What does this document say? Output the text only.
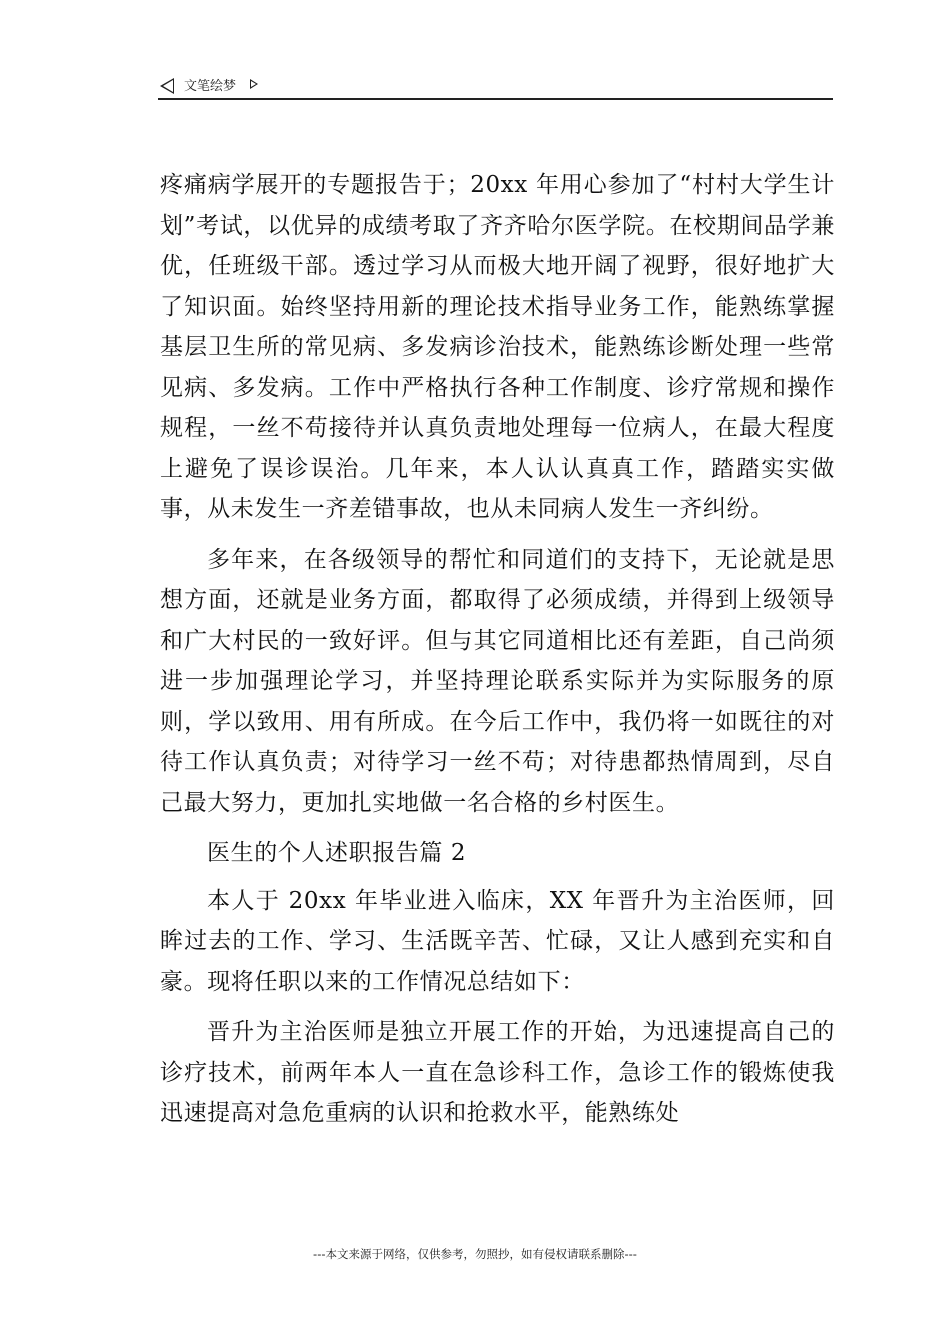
文笔绘梦

疼痛病学展开的专题报告于；20xx 年用心参加了“村村大学生计划”考试，以优异的成绩考取了齐齐哈尔医学院。在校期间品学兼优，任班级干部。透过学习从而极大地开阔了视野，很好地扩大了知识面。始终坚持用新的理论技术指导业务工作，能熟练掌握基层卫生所的常见病、多发病诊治技术，能熟练诊断处理一些常见病、多发病。工作中严格执行各种工作制度、诊疗常规和操作规程，一丝不苟接待并认真负责地处理每一位病人，在最大程度上避免了误诊误治。几年来，本人认认真真工作，踏踏实实做事，从未发生一齐差错事故，也从未同病人发生一齐纠纷。

多年来，在各级领导的帮忙和同道们的支持下，无论就是思想方面，还就是业务方面，都取得了必须成绩，并得到上级领导和广大村民的一致好评。但与其它同道相比还有差距，自己尚须进一步加强理论学习，并坚持理论联系实际并为实际服务的原则，学以致用、用有所成。在今后工作中，我仍将一如既往的对待工作认真负责；对待学习一丝不苟；对待患都热情周到，尽自己最大努力，更加扎实地做一名合格的乡村医生。

医生的个人述职报告篇 2

本人于 20xx 年毕业进入临床，XX 年晋升为主治医师，回眸过去的工作、学习、生活既辛苦、忙碌，又让人感到充实和自豪。现将任职以来的工作情况总结如下：

晋升为主治医师是独立开展工作的开始，为迅速提高自己的诊疗技术，前两年本人一直在急诊科工作，急诊工作的锻炼使我迅速提高对急危重病的认识和抢救水平，能熟练处

---本文来源于网络，仅供参考，勿照抄，如有侵权请联系删除---
